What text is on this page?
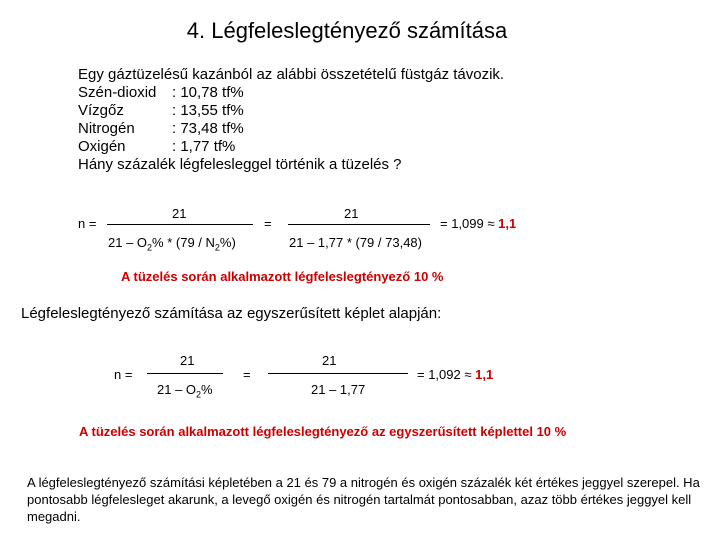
4. Légfeleslegtényező számítása
Egy gáztüzelésű kazánból az alábbi összetételű füstgáz távozik.
Szén-dioxid	: 10,78 tf%
Vízgőz	: 13,55 tf%
Nitrogén	: 73,48 tf%
Oxigén	: 1,77 tf%
Hány százalék légfelesleggel történik a tüzelés ?
n =
21
$21 - O_2\% * (79 / N_2\%)$
=
21
21 – 1,77 * (79 / 73,48)
= 1,099 ≈ 1,1
A tüzelés során alkalmazott légfeleslegtényező 10 %
Légfeleslegtényező számítása az egyszerűsített képlet alapján:
n =
21
$21 - O_2\%$
=
21
21 – 1,77
= 1,092 ≈ 1,1
A tüzelés során alkalmazott légfeleslegtényező az egyszerűsített képlettel 10 %
A légfeleslegtényező számítási képletében a 21 és 79 a nitrogén és oxigén százalék két értékes jeggyel szerepel. Ha pontosabb légfelesleget akarunk, a levegő oxigén és nitrogén tartalmát pontosabban, azaz több értékes jeggyel kell megadni.
